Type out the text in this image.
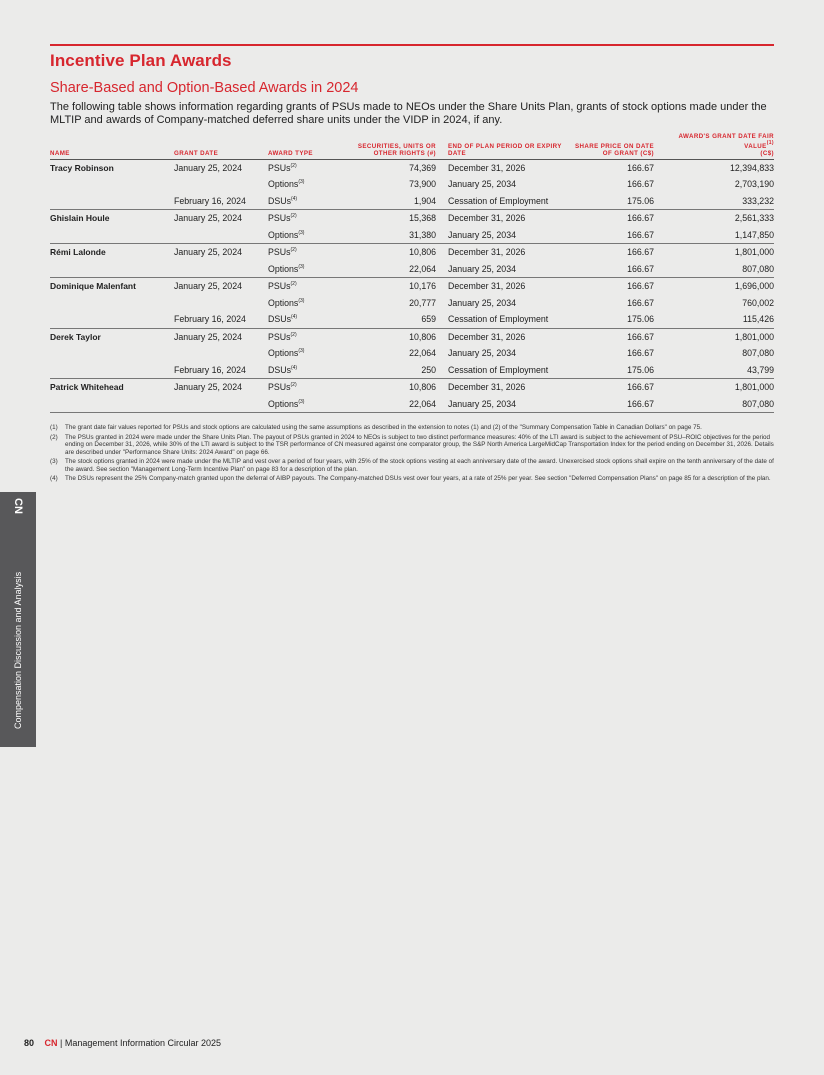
Incentive Plan Awards
Share-Based and Option-Based Awards in 2024
The following table shows information regarding grants of PSUs made to NEOs under the Share Units Plan, grants of stock options made under the MLTIP and awards of Company-matched deferred share units under the VIDP in 2024, if any.
NAME	GRANT DATE	AWARD TYPE	SECURITIES, UNITS OR OTHER RIGHTS (#)		END OF PLAN PERIOD OR EXPIRY DATE	SHARE PRICE ON DATE OF GRANT (C$)	AWARD'S GRANT DATE FAIR VALUE$^{(1)}$
(C$)
Tracy Robinson	January 25, 2024	PSUs$^{(2)}$	74,369		December 31, 2026	166.67	12,394,833
		Options$^{(3)}$	73,900		January 25, 2034	166.67	2,703,190
	February 16, 2024	DSUs$^{(4)}$	1,904		Cessation of Employment	175.06	333,232
Ghislain Houle	January 25, 2024	PSUs$^{(2)}$	15,368		December 31, 2026	166.67	2,561,333
		Options$^{(3)}$	31,380		January 25, 2034	166.67	1,147,850
Rémi Lalonde	January 25, 2024	PSUs$^{(2)}$	10,806		December 31, 2026	166.67	1,801,000
		Options$^{(3)}$	22,064		January 25, 2034	166.67	807,080
Dominique Malenfant	January 25, 2024	PSUs$^{(2)}$	10,176		December 31, 2026	166.67	1,696,000
		Options$^{(3)}$	20,777		January 25, 2034	166.67	760,002
	February 16, 2024	DSUs$^{(4)}$	659		Cessation of Employment	175.06	115,426
Derek Taylor	January 25, 2024	PSUs$^{(2)}$	10,806		December 31, 2026	166.67	1,801,000
		Options$^{(3)}$	22,064		January 25, 2034	166.67	807,080
	February 16, 2024	DSUs$^{(4)}$	250		Cessation of Employment	175.06	43,799
Patrick Whitehead	January 25, 2024	PSUs$^{(2)}$	10,806		December 31, 2026	166.67	1,801,000
		Options$^{(3)}$	22,064		January 25, 2034	166.67	807,080
(1)	The grant date fair values reported for PSUs and stock options are calculated using the same assumptions as described in the extension to notes (1) and (2) of the "Summary Compensation Table in Canadian Dollars" on page 75.
(2)	The PSUs granted in 2024 were made under the Share Units Plan. The payout of PSUs granted in 2024 to NEOs is subject to two distinct performance measures: 40% of the LTI award is subject to the achievement of PSU–ROIC objectives for the period ending on December 31, 2026, while 30% of the LTI award is subject to the TSR performance of CN measured against one comparator group, the S&P North America LargeMidCap Transportation Index for the period ending on December 31, 2026. Details are described under "Performance Share Units: 2024 Award" on page 66.
(3)	The stock options granted in 2024 were made under the MLTIP and vest over a period of four years, with 25% of the stock options vesting at each anniversary date of the award. Unexercised stock options shall expire on the tenth anniversary of the date of the award. See section "Management Long-Term Incentive Plan" on page 83 for a description of the plan.
(4)	The DSUs represent the 25% Company-match granted upon the deferral of AIBP payouts. The Company-matched DSUs vest over four years, at a rate of 25% per year. See section "Deferred Compensation Plans" on page 85 for a description of the plan.
CN
Compensation Discussion and Analysis
80 CN | Management Information Circular 2025
